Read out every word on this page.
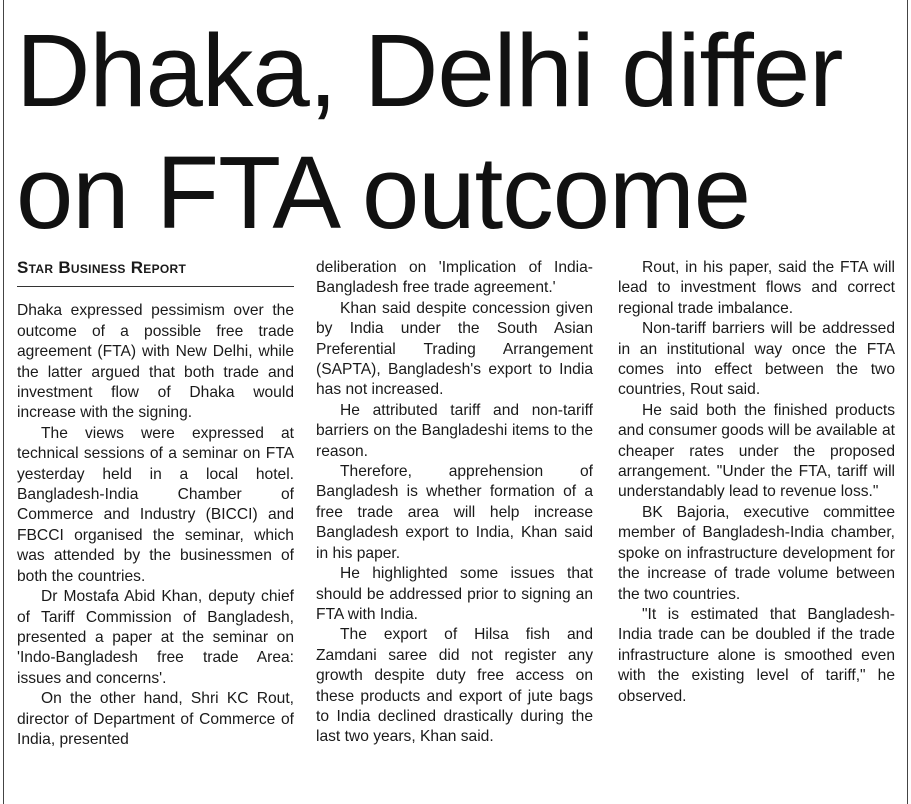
Dhaka, Delhi differ
on FTA outcome
Star Business Report

Dhaka expressed pessimism over the outcome of a possible free trade agreement (FTA) with New Delhi, while the latter argued that both trade and investment flow of Dhaka would increase with the signing.

The views were expressed at technical sessions of a seminar on FTA yesterday held in a local hotel. Bangladesh-India Chamber of Commerce and Industry (BICCI) and FBCCI organised the seminar, which was attended by the businessmen of both the countries.

Dr Mostafa Abid Khan, deputy chief of Tariff Commission of Bangladesh, presented a paper at the seminar on 'Indo-Bangladesh free trade Area: issues and concerns'.

On the other hand, Shri KC Rout, director of Department of Commerce of India, presented

deliberation on 'Implication of India-Bangladesh free trade agreement.'

Khan said despite concession given by India under the South Asian Preferential Trading Arrangement (SAPTA), Bangladesh's export to India has not increased.

He attributed tariff and non-tariff barriers on the Bangladeshi items to the reason.

Therefore, apprehension of Bangladesh is whether formation of a free trade area will help increase Bangladesh export to India, Khan said in his paper.

He highlighted some issues that should be addressed prior to signing an FTA with India.

The export of Hilsa fish and Zamdani saree did not register any growth despite duty free access on these products and export of jute bags to India declined drastically during the last two years, Khan said.

Rout, in his paper, said the FTA will lead to investment flows and correct regional trade imbalance.

Non-tariff barriers will be addressed in an institutional way once the FTA comes into effect between the two countries, Rout said.

He said both the finished products and consumer goods will be available at cheaper rates under the proposed arrangement. "Under the FTA, tariff will understandably lead to revenue loss."

BK Bajoria, executive committee member of Bangladesh-India chamber, spoke on infrastructure development for the increase of trade volume between the two countries.

"It is estimated that Bangladesh-India trade can be doubled if the trade infrastructure alone is smoothed even with the existing level of tariff," he observed.
